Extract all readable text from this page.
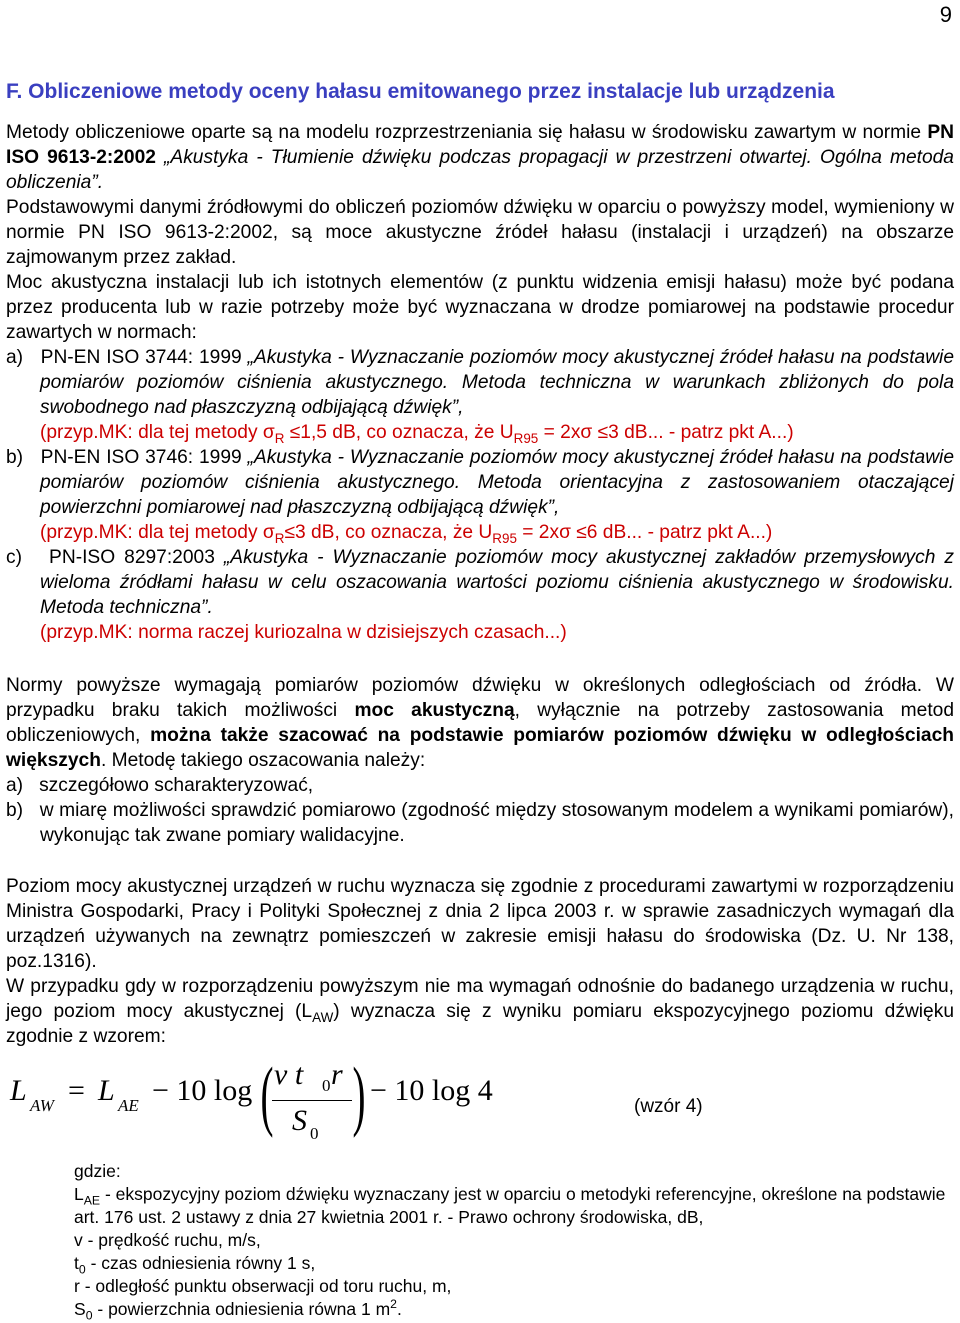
9
F. Obliczeniowe metody oceny hałasu emitowanego przez instalacje lub urządzenia
Metody obliczeniowe oparte są na modelu rozprzestrzeniania się hałasu w środowisku zawartym w normie PN ISO 9613-2:2002 „Akustyka - Tłumienie dźwięku podczas propagacji w przestrzeni otwartej. Ogólna metoda obliczenia”.
Podstawowymi danymi źródłowymi do obliczeń poziomów dźwięku w oparciu o powyższy model, wymieniony w normie PN ISO 9613-2:2002, są moce akustyczne źródeł hałasu (instalacji i urządzeń) na obszarze zajmowanym przez zakład.
Moc akustyczna instalacji lub ich istotnych elementów (z punktu widzenia emisji hałasu) może być podana przez producenta lub w razie potrzeby może być wyznaczana w drodze pomiarowej na podstawie procedur zawartych w normach:
a) PN-EN ISO 3744: 1999 „Akustyka - Wyznaczanie poziomów mocy akustycznej źródeł hałasu na podstawie pomiarów poziomów ciśnienia akustycznego. Metoda techniczna w warunkach zbliżonych do pola swobodnego nad płaszczyzną odbijającą dźwięk”,
(przyp.MK: dla tej metody $\sigma_R \le 1,5$ dB, co oznacza, że $U_{R95} = 2x\sigma \le 3$ dB... - patrz pkt A...)
b) PN-EN ISO 3746: 1999 „Akustyka - Wyznaczanie poziomów mocy akustycznej źródeł hałasu na podstawie pomiarów poziomów ciśnienia akustycznego. Metoda orientacyjna z zastosowaniem otaczającej powierzchni pomiarowej nad płaszczyzną odbijającą dźwięk”,
(przyp.MK: dla tej metody $\sigma_R\le 3$ dB, co oznacza, że $U_{R95} = 2x\sigma \le 6$ dB... - patrz pkt A...)
c) PN-ISO 8297:2003 „Akustyka - Wyznaczanie poziomów mocy akustycznej zakładów przemysłowych z wieloma źródłami hałasu w celu oszacowania wartości poziomu ciśnienia akustycznego w środowisku. Metoda techniczna”.
(przyp.MK: norma raczej kuriozalna w dzisiejszych czasach...)
Normy powyższe wymagają pomiarów poziomów dźwięku w określonych odległościach od źródła. W przypadku braku takich możliwości moc akustyczną, wyłącznie na potrzeby zastosowania metod obliczeniowych, można także szacować na podstawie pomiarów poziomów dźwięku w odległościach większych. Metodę takiego oszacowania należy:
a) szczegółowo scharakteryzować,
b) w miarę możliwości sprawdzić pomiarowo (zgodność między stosowanym modelem a wynikami pomiarów), wykonując tak zwane pomiary walidacyjne.
Poziom mocy akustycznej urządzeń w ruchu wyznacza się zgodnie z procedurami zawartymi w rozporządzeniu Ministra Gospodarki, Pracy i Polityki Społecznej z dnia 2 lipca 2003 r. w sprawie zasadniczych wymagań dla urządzeń używanych na zewnątrz pomieszczeń w zakresie emisji hałasu do środowiska (Dz. U. Nr 138, poz.1316).
W przypadku gdy w rozporządzeniu powyższym nie ma wymagań odnośnie do badanego urządzenia w ruchu, jego poziom mocy akustycznej $(L_{AW})$ wyznacza się z wyniku pomiaru ekspozycyjnego poziomu dźwięku zgodnie z wzorem:
L AW = L AE − 10 log ( v t 0 r
S 0 ) − 10 log 4	(wzór 4)
gdzie:
$L_{AE}$ - ekspozycyjny poziom dźwięku wyznaczany jest w oparciu o metodyki referencyjne, określone na podstawie art. 176 ust. 2 ustawy z dnia 27 kwietnia 2001 r. - Prawo ochrony środowiska, dB,
v - prędkość ruchu, m/s,
$t_0$ - czas odniesienia równy 1 s,
r - odległość punktu obserwacji od toru ruchu, m,
$S_0$ - powierzchnia odniesienia równa 1 $m^2$.
